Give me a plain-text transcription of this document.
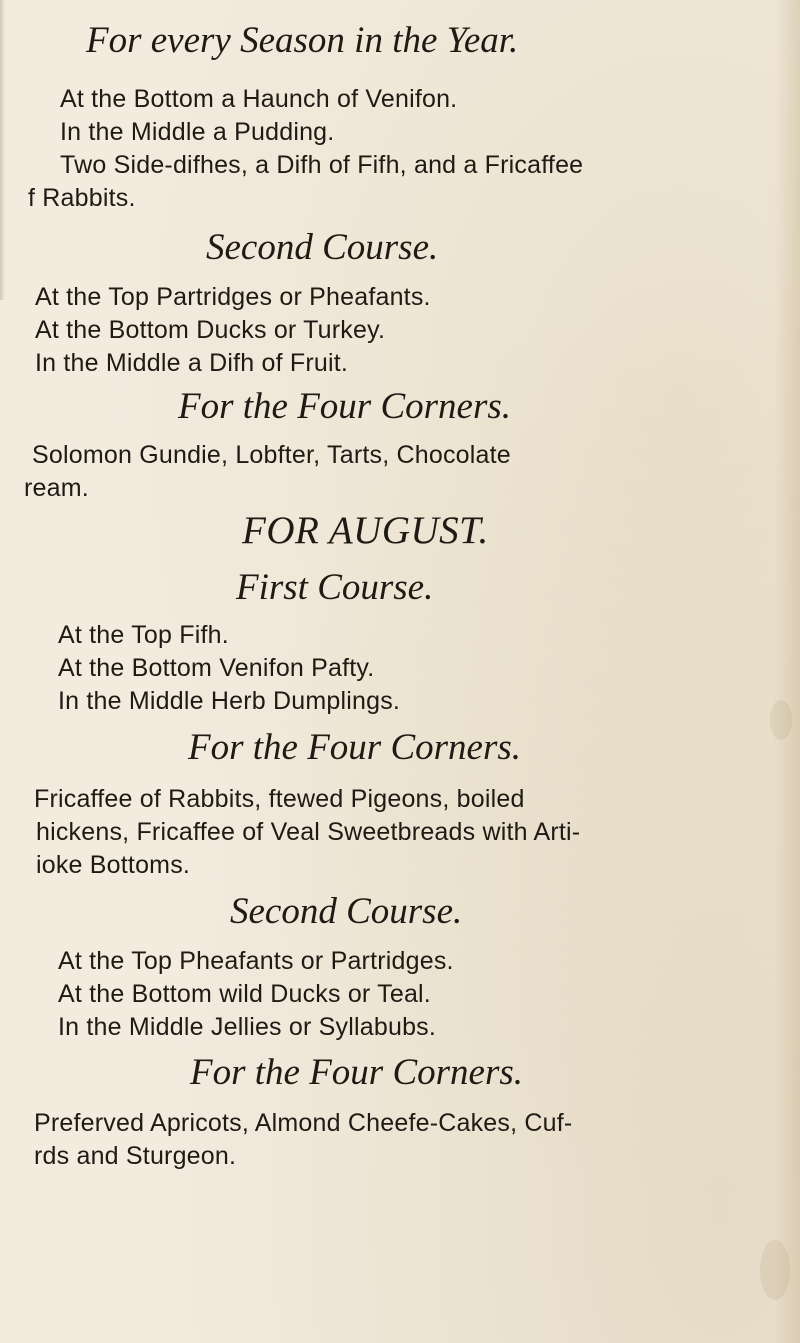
For every Season in the Year.
At the Bottom a Haunch of Venifon.
In the Middle a Pudding.
Two Side-difhes, a Difh of Fifh, and a Fricaffee
f Rabbits.
Second Course.
At the Top Partridges or Pheafants.
At the Bottom Ducks or Turkey.
In the Middle a Difh of Fruit.
For the Four Corners.
Solomon Gundie, Lobfter, Tarts, Chocolate
ream.
FOR AUGUST.
First Course.
At the Top Fifh.
At the Bottom Venifon Pafty.
In the Middle Herb Dumplings.
For the Four Corners.
Fricaffee of Rabbits, ftewed Pigeons, boiled
hickens, Fricaffee of Veal Sweetbreads with Arti-
ioke Bottoms.
Second Course.
At the Top Pheafants or Partridges.
At the Bottom wild Ducks or Teal.
In the Middle Jellies or Syllabubs.
For the Four Corners.
Preferved Apricots, Almond Cheefe-Cakes, Cuf-
rds and Sturgeon.
